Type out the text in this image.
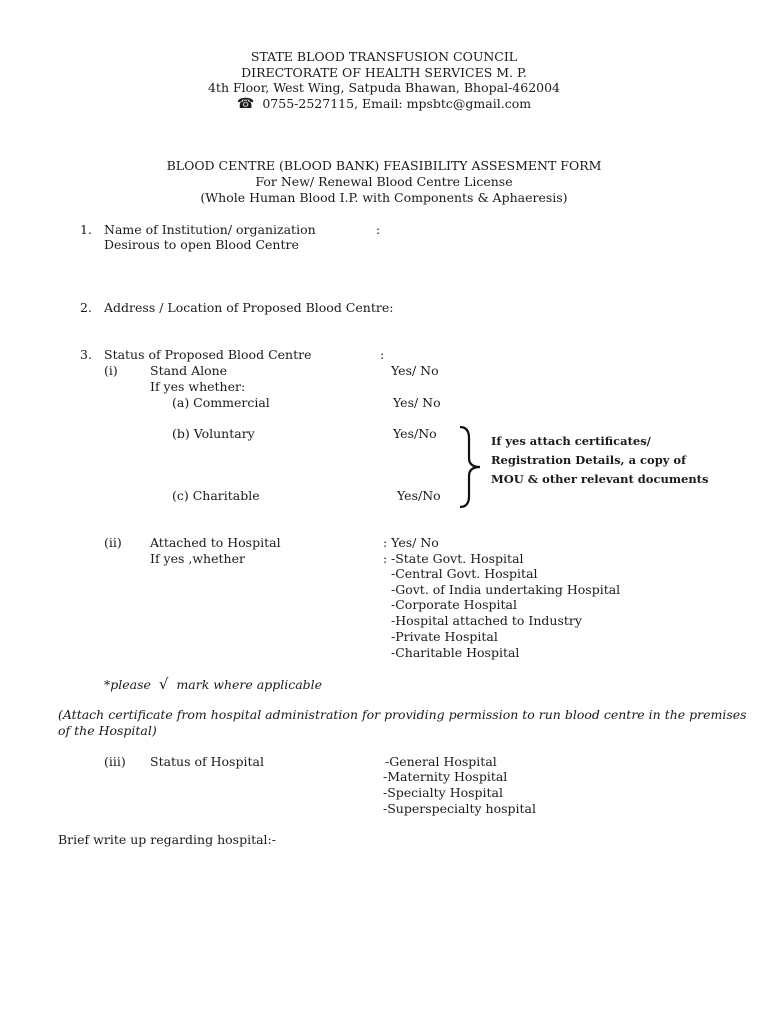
STATE BLOOD TRANSFUSION COUNCIL
DIRECTORATE OF HEALTH SERVICES M. P.
4th Floor, West Wing, Satpuda Bhawan, Bhopal-462004
☎ 0755-2527115, Email: mpsbtc@gmail.com
BLOOD CENTRE (BLOOD BANK) FEASIBILITY ASSESMENT FORM
For New/ Renewal Blood Centre License
(Whole Human Blood I.P. with Components & Aphaeresis)
1. Name of Institution/ organization
Desirous to open Blood Centre
:
2. Address / Location of Proposed Blood Centre:
3. Status of Proposed Blood Centre	:
(i)	Stand Alone	Yes/ No
If yes whether:
(a) Commercial	Yes/ No
(b) Voluntary	Yes/No
(c) Charitable	Yes/No
If yes attach certificates/
Registration Details, a copy of
MOU & other relevant documents
(ii) Attached to Hospital	: Yes/ No
If yes ,whether	: -State Govt. Hospital
-Central Govt. Hospital
-Govt. of India undertaking Hospital
-Corporate Hospital
-Hospital attached to Industry
-Private Hospital
-Charitable Hospital
*please √ mark where applicable
(Attach certificate from hospital administration for providing permission to run blood centre in the premises of the Hospital)
(iii) Status of Hospital	-General Hospital
-Maternity Hospital
-Specialty Hospital
-Superspecialty hospital
Brief write up regarding hospital:-
